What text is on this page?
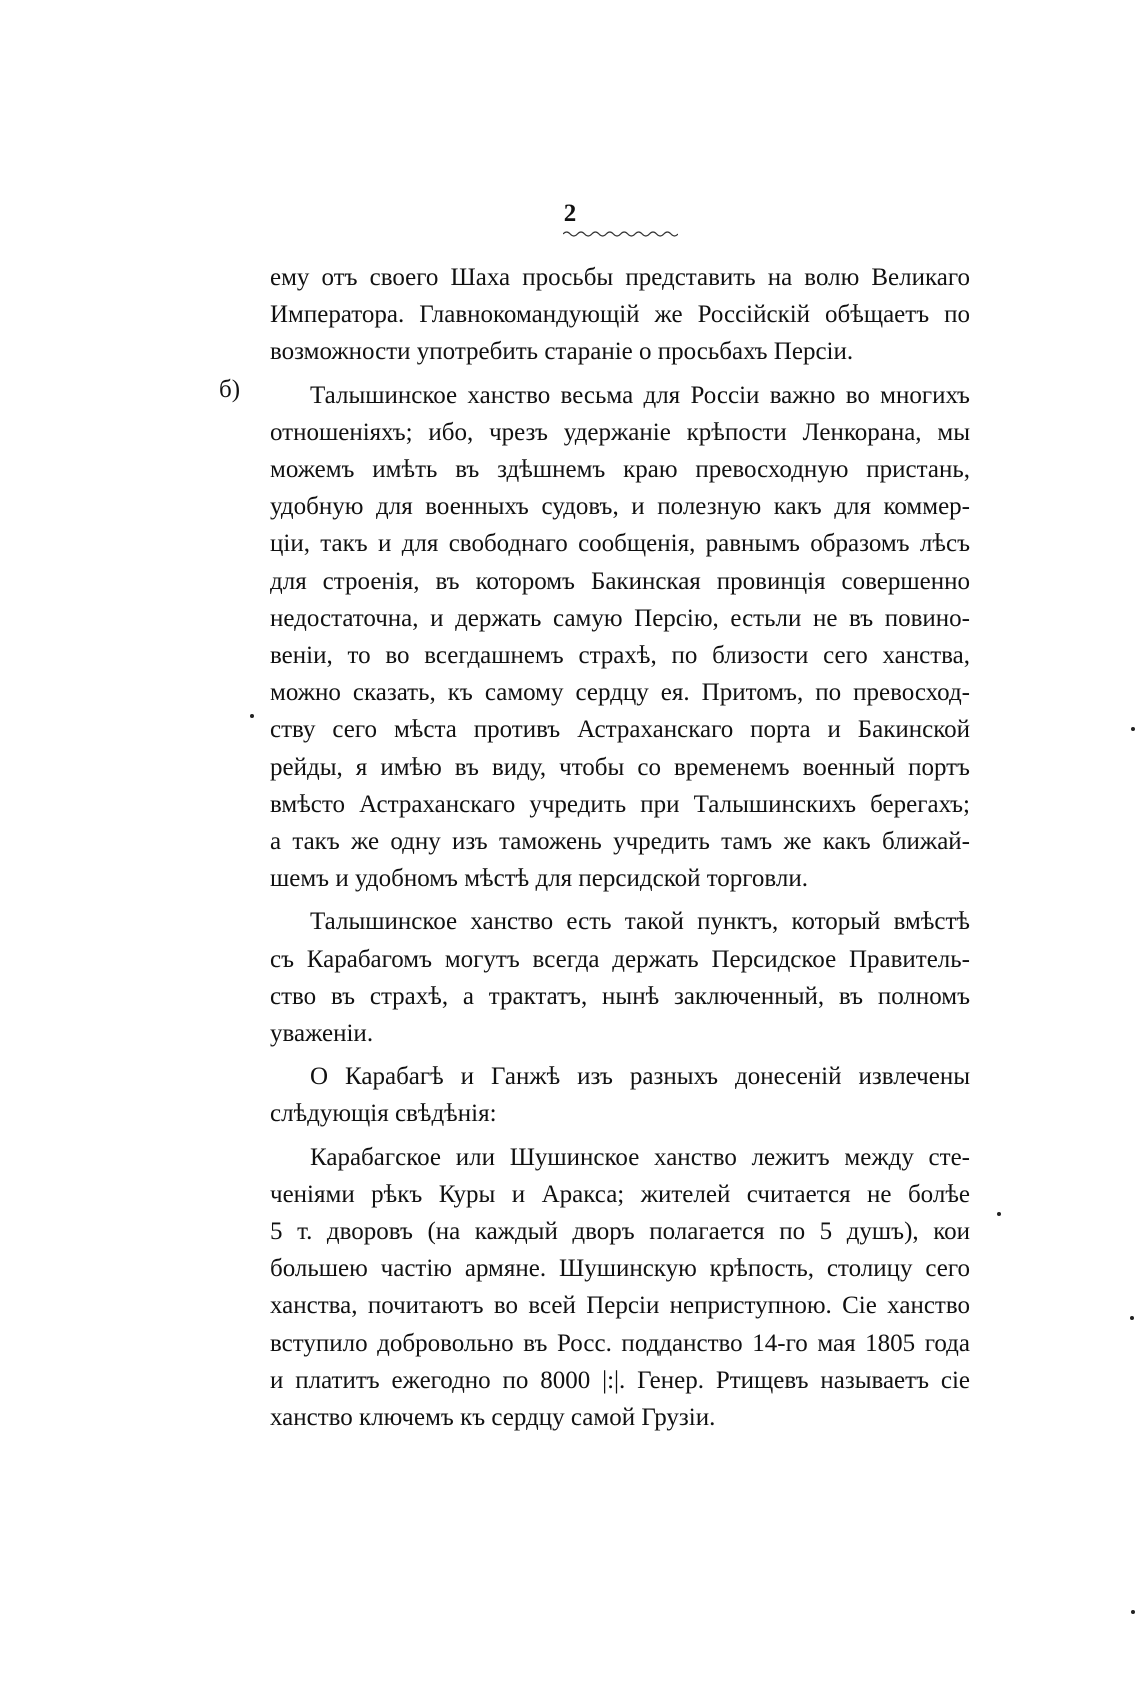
2
б)
ему отъ своего Шаха просьбы представить на волю Великаго
Императора. Главнокомандующій же Россійскій обѣщаетъ по
возможности употребить стараніе о просьбахъ Персіи.
Талышинское ханство весьма для Россіи важно во многихъ
отношеніяхъ; ибо, чрезъ удержаніе крѣпости Ленкорана, мы
можемъ имѣть въ здѣшнемъ краю превосходную пристань,
удобную для военныхъ судовъ, и полезную какъ для коммер-
ціи, такъ и для свободнаго сообщенія, равнымъ образомъ лѣсъ
для строенія, въ которомъ Бакинская провинція совершенно
недостаточна, и держать самую Персію, естьли не въ повино-
веніи, то во всегдашнемъ страхѣ, по близости сего ханства,
можно сказать, къ самому сердцу ея. Притомъ, по превосход-
ству сего мѣста противъ Астраханскаго порта и Бакинской
рейды, я имѣю въ виду, чтобы со временемъ военный портъ
вмѣсто Астраханскаго учредить при Талышинскихъ берегахъ;
а такъ же одну изъ таможень учредить тамъ же какъ ближай-
шемъ и удобномъ мѣстѣ для персидской торговли.
Талышинское ханство есть такой пунктъ, который вмѣстѣ
съ Карабагомъ могутъ всегда держать Персидское Правитель-
ство въ страхѣ, а трактатъ, нынѣ заключенный, въ полномъ
уваженіи.
О Карабагѣ и Ганжѣ изъ разныхъ донесеній извлечены
слѣдующія свѣдѣнія:
Карабагское или Шушинское ханство лежитъ между сте-
ченіями рѣкъ Куры и Аракса; жителей считается не болѣе
5 т. дворовъ (на каждый дворъ полагается по 5 душъ), кои
большею частію армяне. Шушинскую крѣпость, столицу сего
ханства, почитаютъ во всей Персіи неприступною. Сіе ханство
вступило добровольно въ Росс. подданство 14-го мая 1805 года
и платитъ ежегодно по 8000 |:|. Генер. Ртищевъ называетъ сіе
ханство ключемъ къ сердцу самой Грузіи.
